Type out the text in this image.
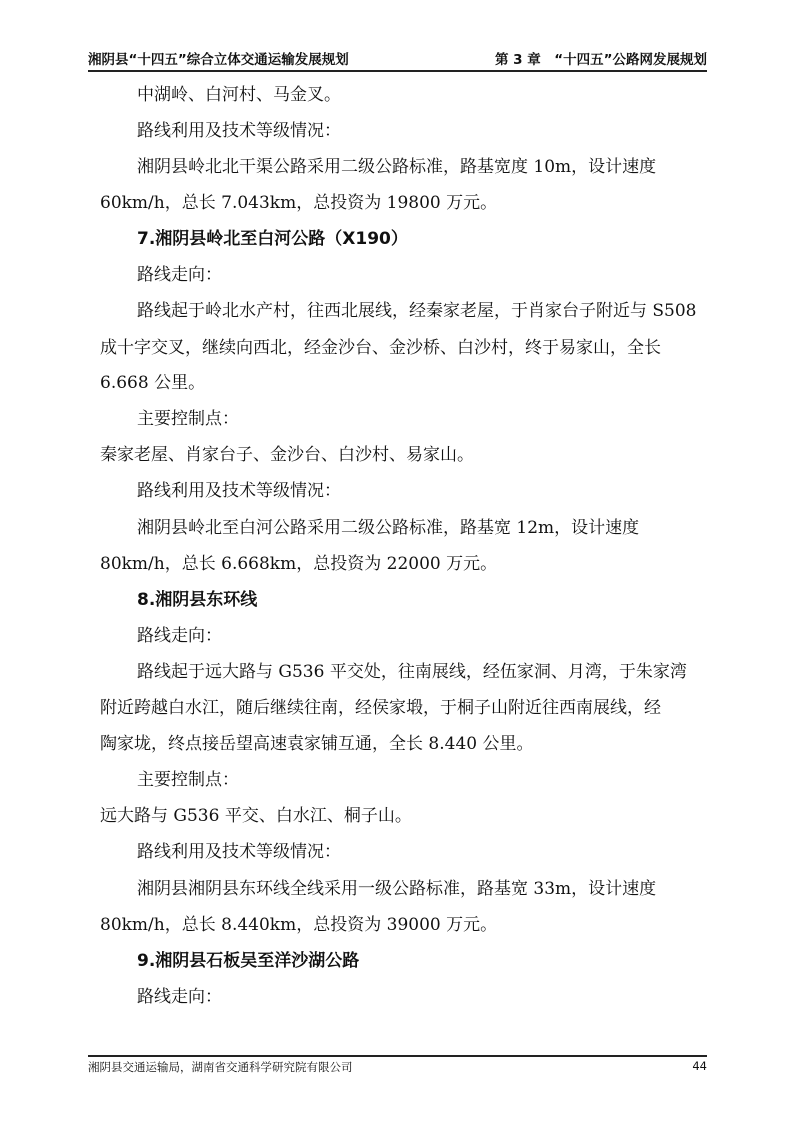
湘阴县“十四五”综合立体交通运输发展规划	第 3 章　“十四五”公路网发展规划
中湖岭、白河村、马金叉。
路线利用及技术等级情况：
湘阴县岭北北干渠公路采用二级公路标准，路基宽度 10m，设计速度
60km/h，总长 7.043km，总投资为 19800 万元。
7.湘阴县岭北至白河公路（X190）
路线走向：
路线起于岭北水产村，往西北展线，经秦家老屋，于肖家台子附近与 S508
成十字交叉，继续向西北，经金沙台、金沙桥、白沙村，终于易家山，全长
6.668 公里。
主要控制点：
秦家老屋、肖家台子、金沙台、白沙村、易家山。
路线利用及技术等级情况：
湘阴县岭北至白河公路采用二级公路标准，路基宽 12m，设计速度
80km/h，总长 6.668km，总投资为 22000 万元。
8.湘阴县东环线
路线走向：
路线起于远大路与 G536 平交处，往南展线，经伍家洞、月湾，于朱家湾
附近跨越白水江，随后继续往南，经侯家塅，于桐子山附近往西南展线，经
陶家垅，终点接岳望高速袁家铺互通，全长 8.440 公里。
主要控制点：
远大路与 G536 平交、白水江、桐子山。
路线利用及技术等级情况：
湘阴县湘阴县东环线全线采用一级公路标准，路基宽 33m，设计速度
80km/h，总长 8.440km，总投资为 39000 万元。
9.湘阴县石板吴至洋沙湖公路
路线走向：
湘阴县交通运输局，湖南省交通科学研究院有限公司	44
